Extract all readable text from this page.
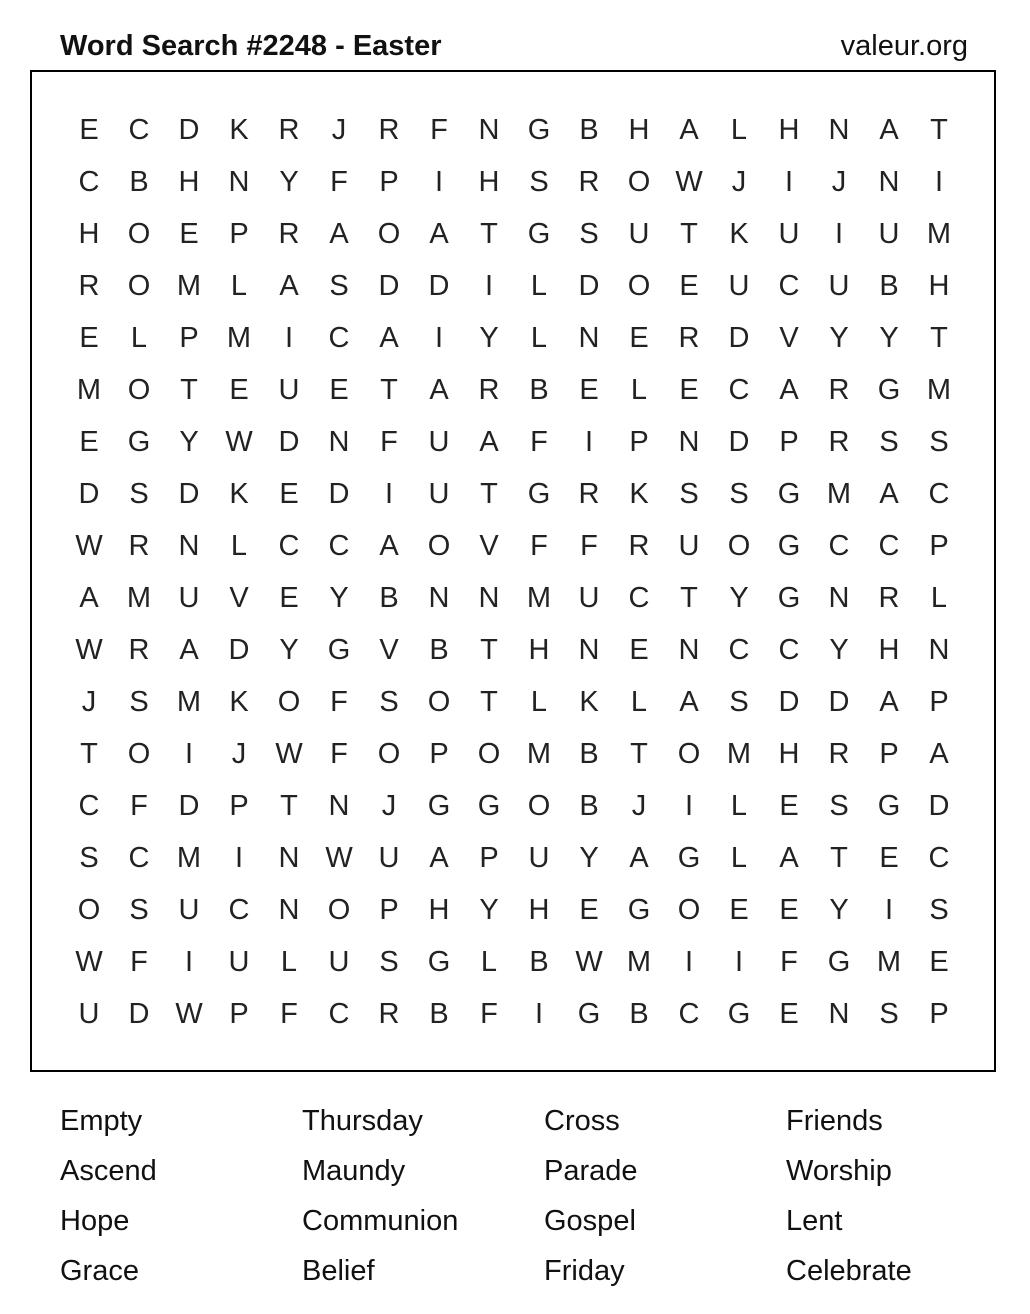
Word Search #2248 - Easter	valeur.org
E	C	D	K	R	J	R	F	N G	B	H	A	L	H	N	A	T
C	B	H	N	Y	F	P	I	H	S	R O W	J	I	J	N	I
H O	E	P	R	A	O	A	T	G	S	U	T	K	U	I	U M
R O M	L	A	S	D	D	I	L	D O	E	U	C	U	B	H
E	L	P M	I	C	A	I	Y	L	N	E	R	D	V	Y	Y	T
M O	T	E	U	E	T	A	R	B	E	L	E	C	A	R G M
E	G	Y W D	N	F	U	A	F	I	P	N	D	P	R	S	S
D	S	D	K	E	D	I	U	T	G R	K	S	S	G M A	C
W R	N	L	C	C	A	O	V	F	F	R	U O G C	C	P
A M U	V	E	Y	B	N	N M U	C	T	Y	G N	R	L
W R	A	D	Y	G	V	B	T	H	N	E	N	C	C	Y	H	N
J	S M K	O	F	S	O	T	L	K	L	A	S	D	D	A	P
T	O	I	J	W F	O	P	O M B	T	O M H	R	P	A
C	F	D	P	T	N	J	G G O	B	J	I	L	E	S	G D
S	C M	I	N W U	A	P	U	Y	A	G	L	A	T	E	C
O	S	U	C	N O	P	H	Y	H	E	G O	E	E	Y	I	S
W F	I	U	L	U	S	G	L	B W M	I	I	F	G M E
U	D W P	F	C	R	B	F	I	G	B	C G	E	N	S	P
Empty
Ascend
Hope
Grace
Thursday
Maundy
Communion
Belief
Cross
Parade
Gospel
Friday
Friends
Worship
Lent
Celebrate
